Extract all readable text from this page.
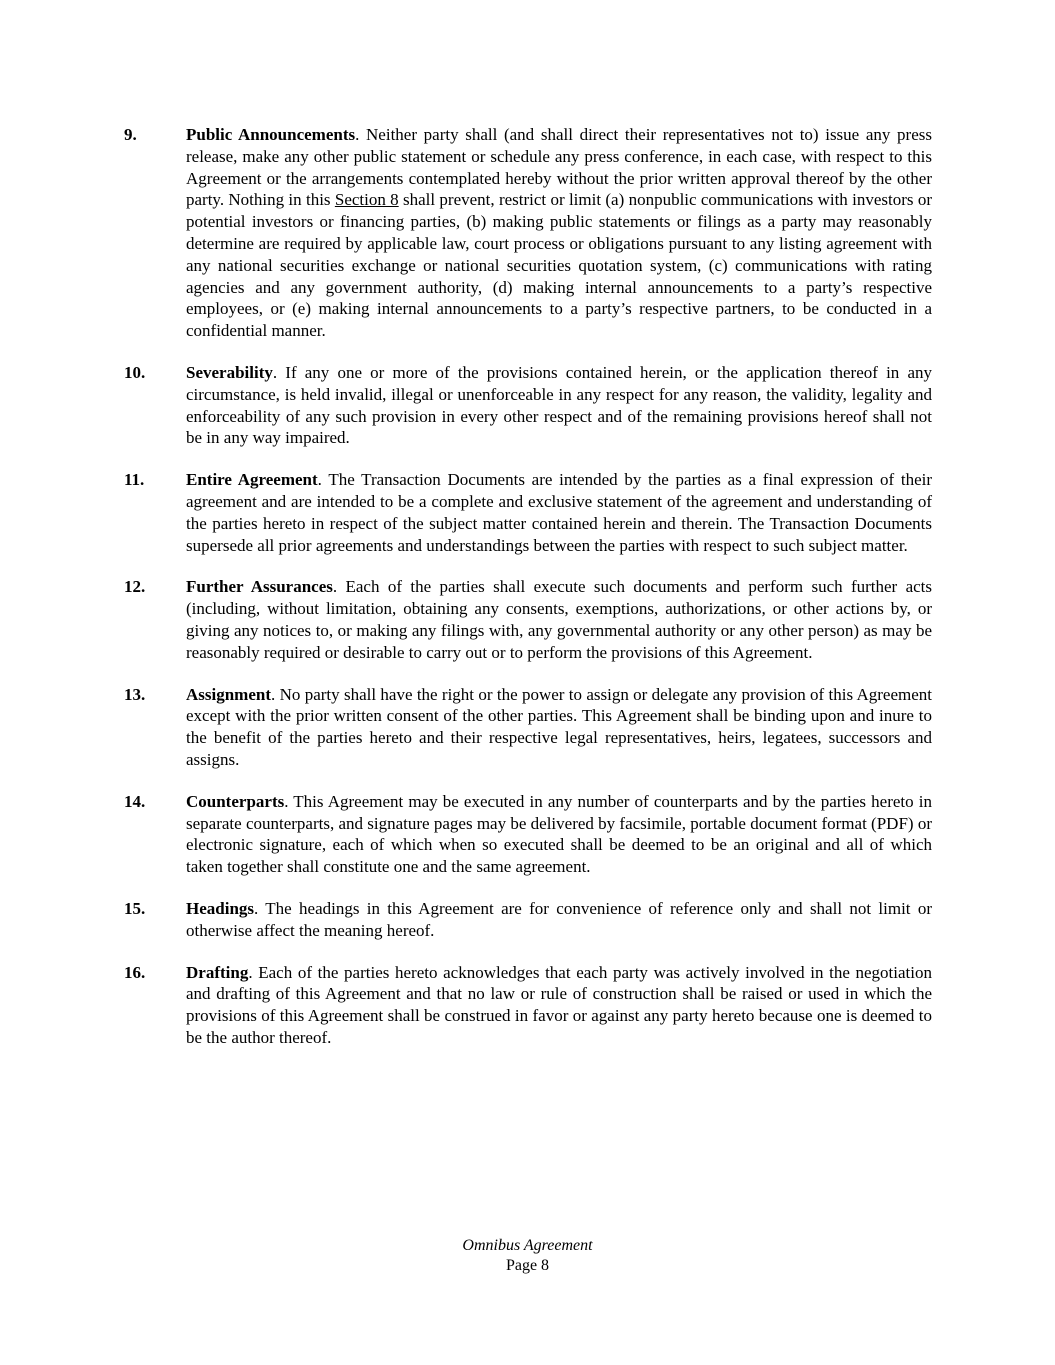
9.	Public Announcements. Neither party shall (and shall direct their representatives not to) issue any press release, make any other public statement or schedule any press conference, in each case, with respect to this Agreement or the arrangements contemplated hereby without the prior written approval thereof by the other party. Nothing in this Section 8 shall prevent, restrict or limit (a) nonpublic communications with investors or potential investors or financing parties, (b) making public statements or filings as a party may reasonably determine are required by applicable law, court process or obligations pursuant to any listing agreement with any national securities exchange or national securities quotation system, (c) communications with rating agencies and any government authority, (d) making internal announcements to a party’s respective employees, or (e) making internal announcements to a party’s respective partners, to be conducted in a confidential manner.
10.	Severability. If any one or more of the provisions contained herein, or the application thereof in any circumstance, is held invalid, illegal or unenforceable in any respect for any reason, the validity, legality and enforceability of any such provision in every other respect and of the remaining provisions hereof shall not be in any way impaired.
11.	Entire Agreement. The Transaction Documents are intended by the parties as a final expression of their agreement and are intended to be a complete and exclusive statement of the agreement and understanding of the parties hereto in respect of the subject matter contained herein and therein. The Transaction Documents supersede all prior agreements and understandings between the parties with respect to such subject matter.
12.	Further Assurances. Each of the parties shall execute such documents and perform such further acts (including, without limitation, obtaining any consents, exemptions, authorizations, or other actions by, or giving any notices to, or making any filings with, any governmental authority or any other person) as may be reasonably required or desirable to carry out or to perform the provisions of this Agreement.
13.	Assignment. No party shall have the right or the power to assign or delegate any provision of this Agreement except with the prior written consent of the other parties. This Agreement shall be binding upon and inure to the benefit of the parties hereto and their respective legal representatives, heirs, legatees, successors and assigns.
14.	Counterparts. This Agreement may be executed in any number of counterparts and by the parties hereto in separate counterparts, and signature pages may be delivered by facsimile, portable document format (PDF) or electronic signature, each of which when so executed shall be deemed to be an original and all of which taken together shall constitute one and the same agreement.
15.	Headings. The headings in this Agreement are for convenience of reference only and shall not limit or otherwise affect the meaning hereof.
16.	Drafting. Each of the parties hereto acknowledges that each party was actively involved in the negotiation and drafting of this Agreement and that no law or rule of construction shall be raised or used in which the provisions of this Agreement shall be construed in favor or against any party hereto because one is deemed to be the author thereof.
Omnibus Agreement
Page 8
